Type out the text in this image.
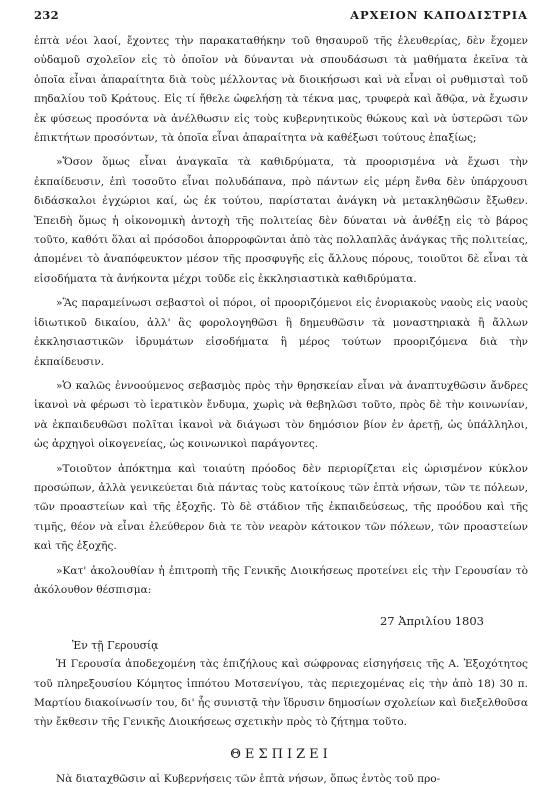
232	ΑΡΧΕΙΟΝ ΚΑΠΟΔΙΣΤΡΙΑ

ἐπτὰ νέοι λαοί, ἔχοντες τὴν παρακαταθήκην τοῦ θησαυροῦ τῆς ἐλευθερίας, δὲν ἔχομεν οὐδαμοῦ σχολεῖον εἰς τὸ ὁποῖον νὰ δύνανται νὰ σπουδάσωσι τὰ μαθήματα ἐκεῖνα τὰ ὁποῖα εἶναι ἀπαραίτητα διὰ τοὺς μέλλοντας νὰ διοικήσωσι καὶ νὰ εἶναι οἱ ρυθμισταὶ τοῦ πηδαλίου τοῦ Κράτους. Εἰς τί ἤθελε ὠφελήσῃ τὰ τέκνα μας, τρυφερὰ καὶ ἄθῷα, νὰ ἔχωσιν ἐκ φύσεως προσόντα νὰ ἀνέλθωσιν εἰς τοὺς κυβερνητικοὺς θώκους καὶ νὰ ὑστερῶσι τῶν ἐπικτήτων προσόντων, τὰ ὁποῖα εἶναι ἀπαραίτητα νὰ καθέξωσι τούτους ἐπαξίως;

»Ὅσον ὅμως εἶναι ἀναγκαῖα τὰ καθιδρύματα, τὰ προορισμένα νὰ ἔχωσι τὴν ἐκπαίδευσιν, ἐπὶ τοσοῦτο εἶναι πολυδάπανα, πρὸ πάντων εἰς μέρη ἔνθα δὲν ὑπάρχουσι διδάσκαλοι ἐγχώριοι καί, ὡς ἐκ τούτου, παρίσταται ἀνάγκη νὰ μετακληθῶσιν ἔξωθεν. Ἐπειδὴ ὅμως ἡ οἰκονομικὴ ἀντοχὴ τῆς πολιτείας δὲν δύναται νὰ ἀνθέξῃ εἰς τὸ βάρος τοῦτο, καθότι ὅλαι αἱ πρόσοδοι ἀπορροφῶνται ἀπὸ τὰς πολλαπλᾶς ἀνάγκας τῆς πολιτείας, ἀπομένει τὸ ἀναπόφευκτον μέσον τῆς προσφυγῆς εἰς ἄλλους πόρους, τοιοῦτοι δὲ εἶναι τὰ εἰσοδήματα τὰ ἀνήκοντα μέχρι τοῦδε εἰς ἐκκλησιαστικὰ καθιδρύματα.

»Ἂς παραμείνωσι σεβαστοὶ οἱ πόροι, οἱ προοριζόμενοι εἰς ἐνοριακοὺς ναοὺς εἰς ναοὺς ἰδιωτικοῦ δικαίου, ἀλλ' ἃς φορολογηθῶσι ἢ δημευθῶσιν τὰ μοναστηριακὰ ἢ ἄλλων ἐκκλησιαστικῶν ἱδρυμάτων εἰσοδήματα ἢ μέρος τούτων προοριζόμενα διὰ τὴν ἐκπαίδευσιν.

»Ὁ καλῶς ἐννοούμενος σεβασμὸς πρὸς τὴν θρησκείαν εἶναι νὰ ἀναπτυχθῶσιν ἄνδρες ἱκανοὶ νὰ φέρωσι τὸ ἱερατικὸν ἔνδυμα, χωρὶς νὰ θεβηλῶσι τοῦτο, πρὸς δὲ τὴν κοινωνίαν, νὰ ἐκπαιδευθῶσι πολῖται ἱκανοὶ νὰ διάγωσι τὸν δημόσιον βίον ἐν ἀρετῇ, ὡς ὑπάλληλοι, ὡς ἀρχηγοὶ οἰκογενείας, ὡς κοινωνικοὶ παράγοντες.

»Τοιοῦτον ἀπόκτημα καὶ τοιαύτη πρόοδος δὲν περιορίζεται εἰς ὡρισμένον κύκλον προσώπων, ἀλλὰ γενικεύεται διὰ πάντας τοὺς κατοίκους τῶν ἑπτὰ νήσων, τῶν τε πόλεων, τῶν προαστείων καὶ τῆς ἐξοχῆς. Τὸ δὲ στάδιον τῆς ἐκπαιδεύσεως, τῆς προόδου καὶ τῆς τιμῆς, θέον νὰ εἶναι ἐλεύθερον διὰ τε τὸν νεαρὸν κάτοικον τῶν πόλεων, τῶν προαστείων καὶ τῆς ἐξοχῆς.

»Κατ' ἀκολουθίαν ἡ ἐπιτροπὴ τῆς Γενικῆς Διοικήσεως προτείνει εἰς τὴν Γερουσίαν τὸ ἀκόλουθον θέσπισμα:

27 Ἀπριλίου 1803
Ἐν τῇ Γερουσίᾳ

Ἡ Γερουσία ἀποδεχομένη τὰς ἐπιζήλους καὶ σώφρονας εἰσηγήσεις τῆς Α. Ἐξοχότητος τοῦ πληρεξουσίου Κόμητος ἱππότου Μοτσενίγου, τὰς περιεχομένας εἰς τὴν ἀπὸ 18) 30 π. Μαρτίου διακοίνωσίν του, δι' ἧς συνιστᾷ τὴν ἵδρυσιν δημοσίων σχολείων καὶ διεξελθοῦσα τὴν ἔκθεσιν τῆς Γενικῆς Διοικήσεως σχετικὴν πρὸς τὸ ζήτημα τοῦτο.

ΘΕΣΠΙΖΕΙ

Νὰ διαταχθῶσιν αἱ Κυβερνήσεις τῶν ἑπτὰ νήσων, ὅπως ἐντὸς τοῦ προ-
